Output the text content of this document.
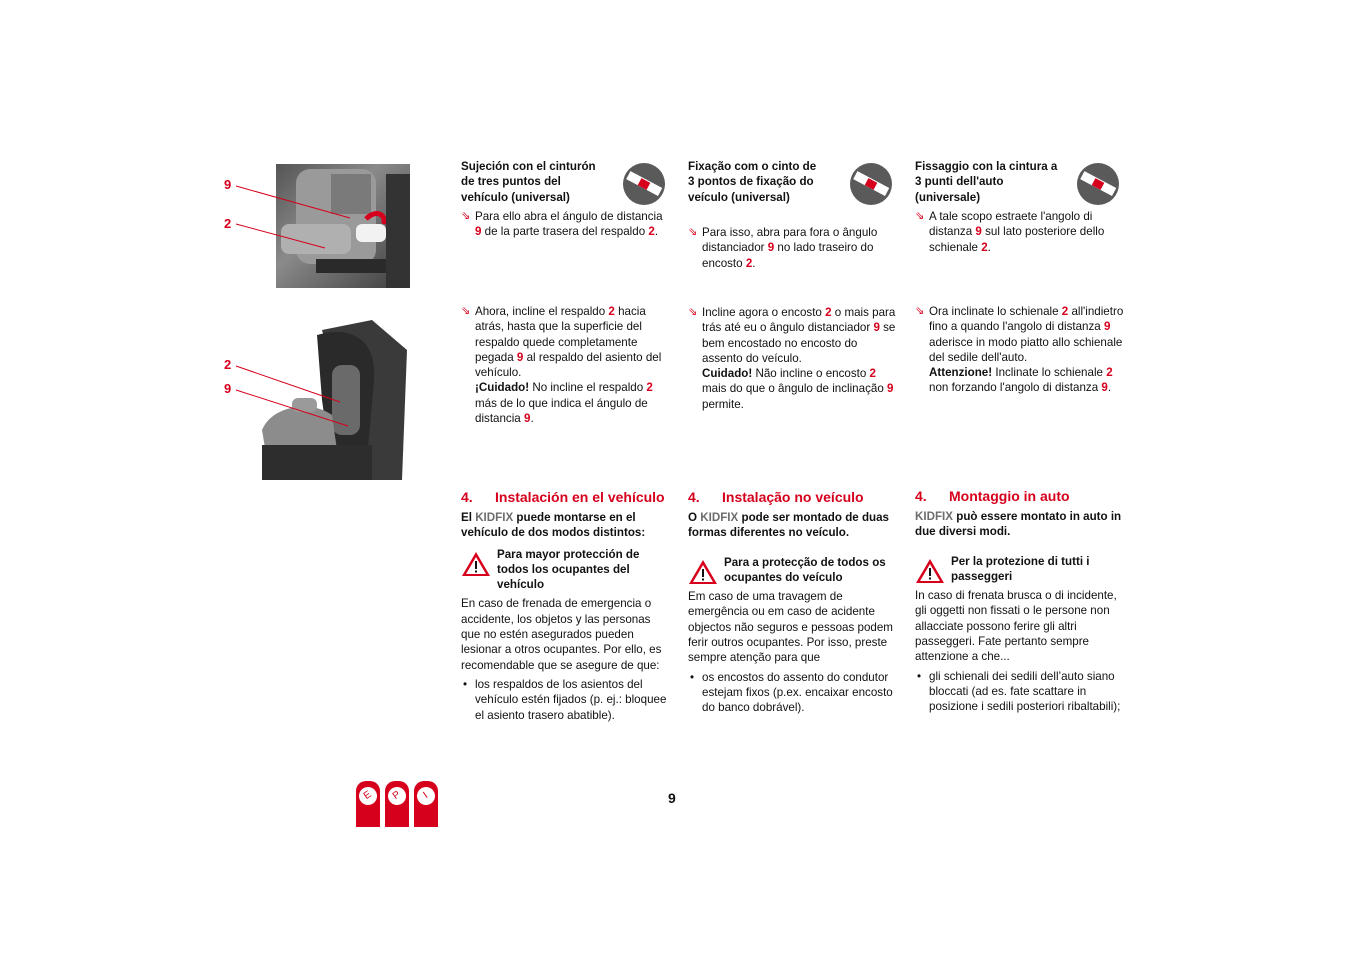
9
2
2
9
Sujeción con el cinturón de tres puntos del vehículo (universal)
⇘ Para ello abra el ángulo de distancia 9 de la parte trasera del respaldo 2.
⇘ Ahora, incline el respaldo 2 hacia atrás, hasta que la superficie del respaldo quede completamente pegada 9 al respaldo del asiento del vehículo.
¡Cuidado! No incline el respaldo 2 más de lo que indica el ángulo de distancia 9.
4.	Instalación en el vehículo
El KIDFIX puede montarse en el vehículo de dos modos distintos:
Para mayor protección de todos los ocupantes del vehículo
En caso de frenada de emergencia o accidente, los objetos y las personas que no estén asegurados pueden lesionar a otros ocupantes. Por ello, es recomendable que se asegure de que:
• los respaldos de los asientos del vehículo estén fijados (p. ej.: bloquee el asiento trasero abatible).
Fixação com o cinto de 3 pontos de fixação do veículo (universal)
⇘ Para isso, abra para fora o ângulo distanciador 9 no lado traseiro do encosto 2.
⇘ Incline agora o encosto 2 o mais para trás até eu o ângulo distanciador 9 se bem encostado no encosto do assento do veículo.
Cuidado! Não incline o encosto 2 mais do que o ângulo de inclinação 9 permite.
4.	Instalação no veículo
O KIDFIX pode ser montado de duas formas diferentes no veículo.
Para a protecção de todos os ocupantes do veículo
Em caso de uma travagem de emergência ou em caso de acidente objectos não seguros e pessoas podem ferir outros ocupantes. Por isso, preste sempre atenção para que
• os encostos do assento do condutor estejam fixos (p.ex. encaixar encosto do banco dobrável).
Fissaggio con la cintura a 3 punti dell'auto (universale)
⇘ A tale scopo estraete l'angolo di distanza 9 sul lato posteriore dello schienale 2.
⇘ Ora inclinate lo schienale 2 all'indietro fino a quando l'angolo di distanza 9 aderisce in modo piatto allo schienale del sedile dell'auto.
Attenzione! Inclinate lo schienale 2 non forzando l'angolo di distanza 9.
4.	Montaggio in auto
KIDFIX può essere montato in auto in due diversi modi.
Per la protezione di tutti i passeggeri
In caso di frenata brusca o di incidente, gli oggetti non fissati o le persone non allacciate possono ferire gli altri passeggeri. Fate pertanto sempre attenzione a che...
• gli schienali dei sedili dell’auto siano bloccati (ad es. fate scattare in posizione i sedili posteriori ribaltabili);
9
E	P	I
